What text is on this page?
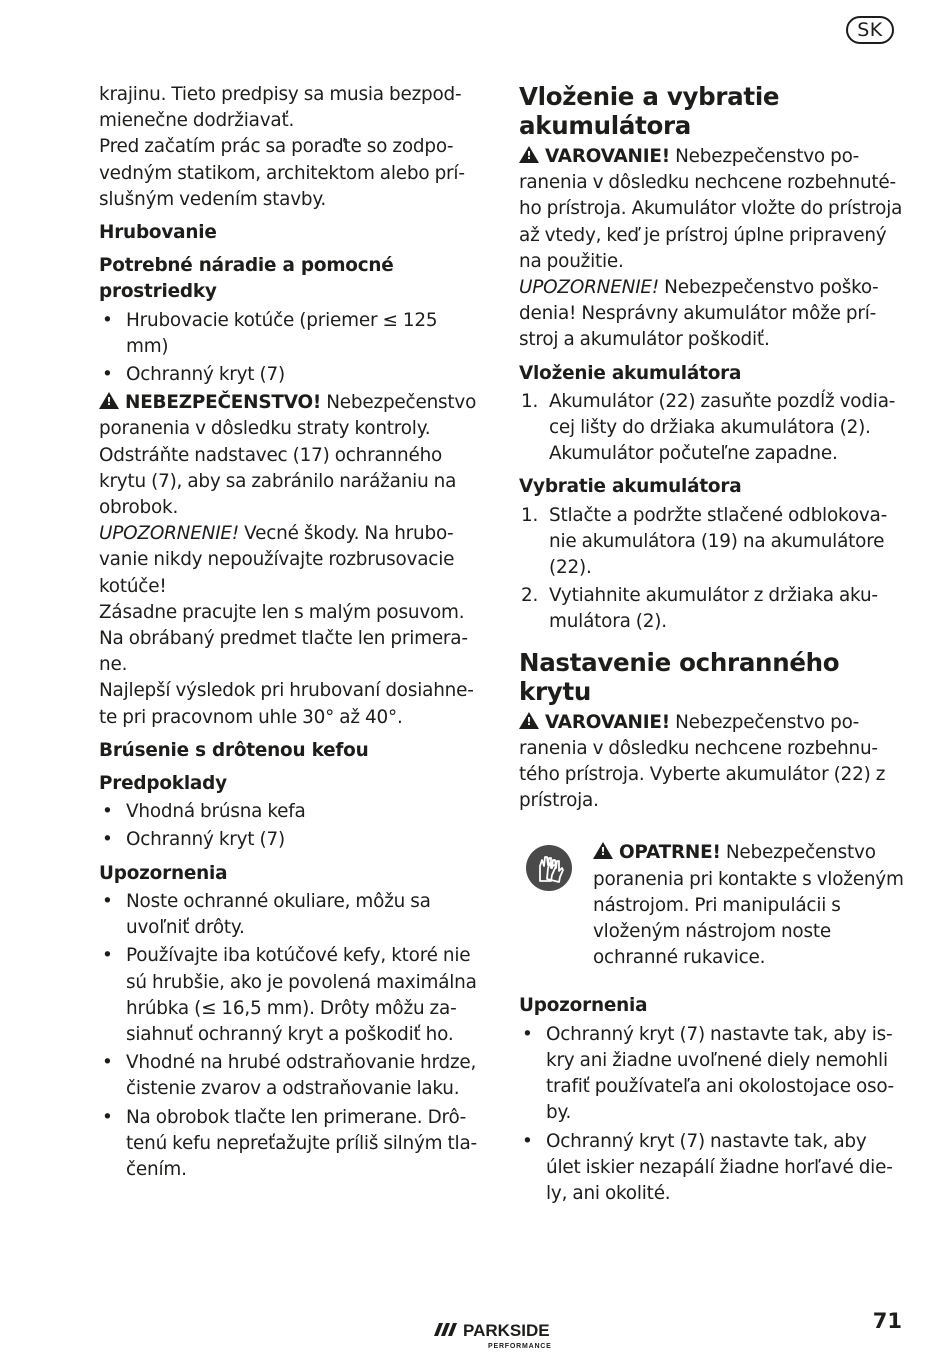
SK

krajinu. Tieto predpisy sa musia bezpodmienečne dodržiavať.

Pred začatím prác sa poraďte so zodpovedným statikom, architektom alebo príslušným vedením stavby.

Hrubovanie
Potrebné náradie a pomocné prostriedky
• Hrubovacie kotúče (priemer ≤ 125 mm)
• Ochranný kryt (7)

!NEBEZPEČENSTVO! Nebezpečenstvo poranenia v dôsledku straty kontroly. Odstráňte nadstavec (17) ochranného krytu (7), aby sa zabránilo narážaniu na obrobok.

UPOZORNENIE! Vecné škody. Na hrubovanie nikdy nepoužívajte rozbrusovacie kotúče!

Zásadne pracujte len s malým posuvom. Na obrábaný predmet tlačte len primerane.

Najlepší výsledok pri hrubovaní dosiahnete pri pracovnom uhle 30° až 40°.

Brúsenie s drôtenou kefou
Predpoklady
• Vhodná brúsna kefa
• Ochranný kryt (7)
Upozornenia
• Noste ochranné okuliare, môžu sa uvoľniť drôty.
• Používajte iba kotúčové kefy, ktoré nie sú hrubšie, ako je povolená maximálna hrúbka (≤ 16,5 mm). Drôty môžu zasiahnuť ochranný kryt a poškodiť ho.
• Vhodné na hrubé odstraňovanie hrdze, čistenie zvarov a odstraňovanie laku.
• Na obrobok tlačte len primerane. Drôtenú kefu nepreťažujte príliš silným tlačením.
Vloženie a vybratie akumulátora

!VAROVANIE! Nebezpečenstvo poranenia v dôsledku nechcene rozbehnutého prístroja. Akumulátor vložte do prístroja až vtedy, keď je prístroj úplne pripravený na použitie.

UPOZORNENIE! Nebezpečenstvo poškodenia! Nesprávny akumulátor môže prístroj a akumulátor poškodiť.

Vloženie akumulátora
1. Akumulátor (22) zasuňte pozdĺž vodiacej lišty do držiaka akumulátora (2).
Akumulátor počuteľne zapadne.
Vybratie akumulátora
1. Stlačte a podržte stlačené odblokovanie akumulátora (19) na akumulátore (22).
2. Vytiahnite akumulátor z držiaka akumulátora (2).
Nastavenie ochranného krytu

!VAROVANIE! Nebezpečenstvo poranenia v dôsledku nechcene rozbehnutého prístroja. Vyberte akumulátor (22) z prístroja.

!OPATRNE! Nebezpečenstvo poranenia pri kontakte s vloženým nástrojom. Pri manipulácii s vloženým nástrojom noste ochranné rukavice.

Upozornenia
• Ochranný kryt (7) nastavte tak, aby iskry ani žiadne uvoľnené diely nemohli trafiť používateľa ani okolostojace osoby.
• Ochranný kryt (7) nastavte tak, aby úlet iskier nezapálí žiadne horľavé diely, ani okolité.
PARKSIDE
PERFORMANCE
71
